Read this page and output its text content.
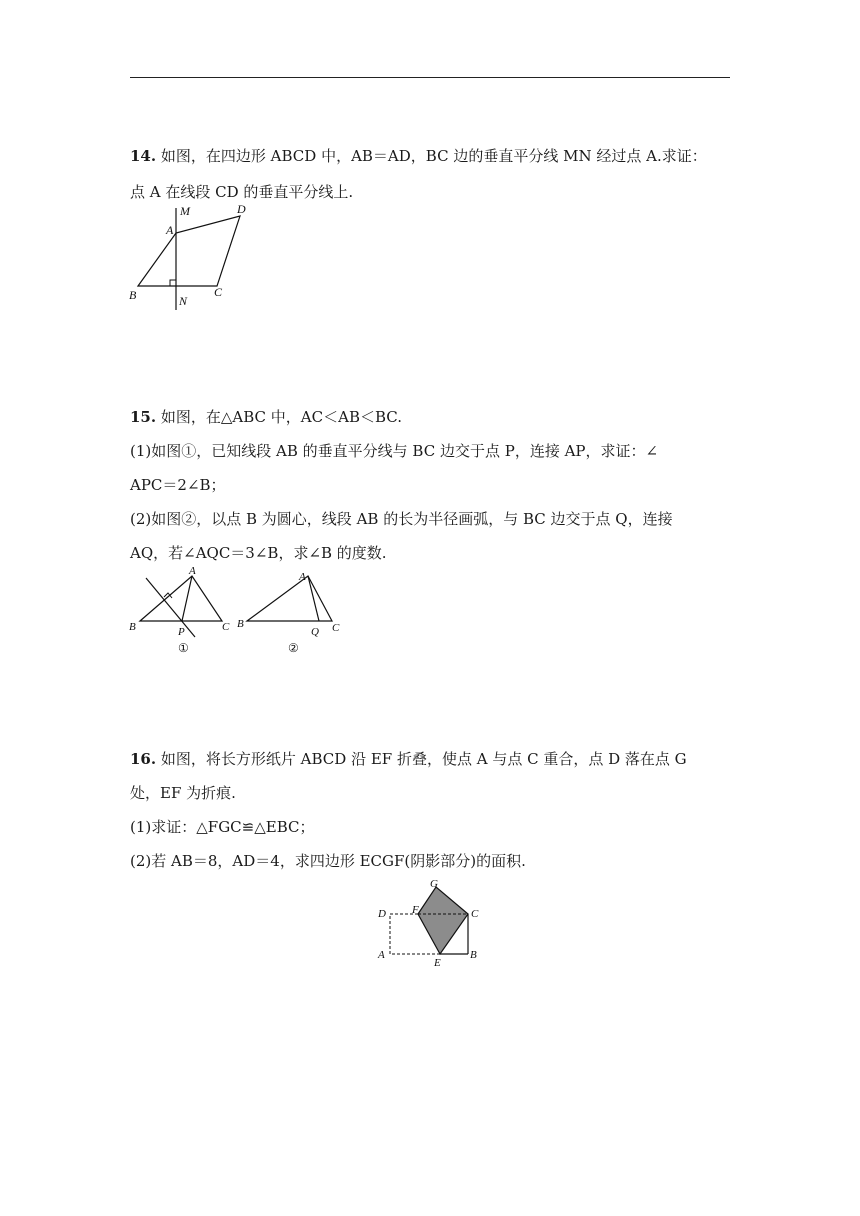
14. 如图，在四边形 ABCD 中，AB＝AD，BC 边的垂直平分线 MN 经过点 A.求证：
点 A 在线段 CD 的垂直平分线上.
M	D
A
B	N
C
15. 如图，在△ABC 中，AC＜AB＜BC.
(1)如图①，已知线段 AB 的垂直平分线与 BC 边交于点 P，连接 AP，求证：∠
APC＝2∠B；
(2)如图②，以点 B 为圆心，线段 AB 的长为半径画弧，与 BC 边交于点 Q，连接
AQ，若∠AQC＝3∠B，求∠B 的度数.
A
B	P	C
①
A
B
Q C
②
16. 如图，将长方形纸片 ABCD 沿 EF 折叠，使点 A 与点 C 重合，点 D 落在点 G
处，EF 为折痕.
(1)求证：△FGC≌△EBC；
(2)若 AB＝8，AD＝4，求四边形 ECGF(阴影部分)的面积.
G
D F	C
A
E
B
